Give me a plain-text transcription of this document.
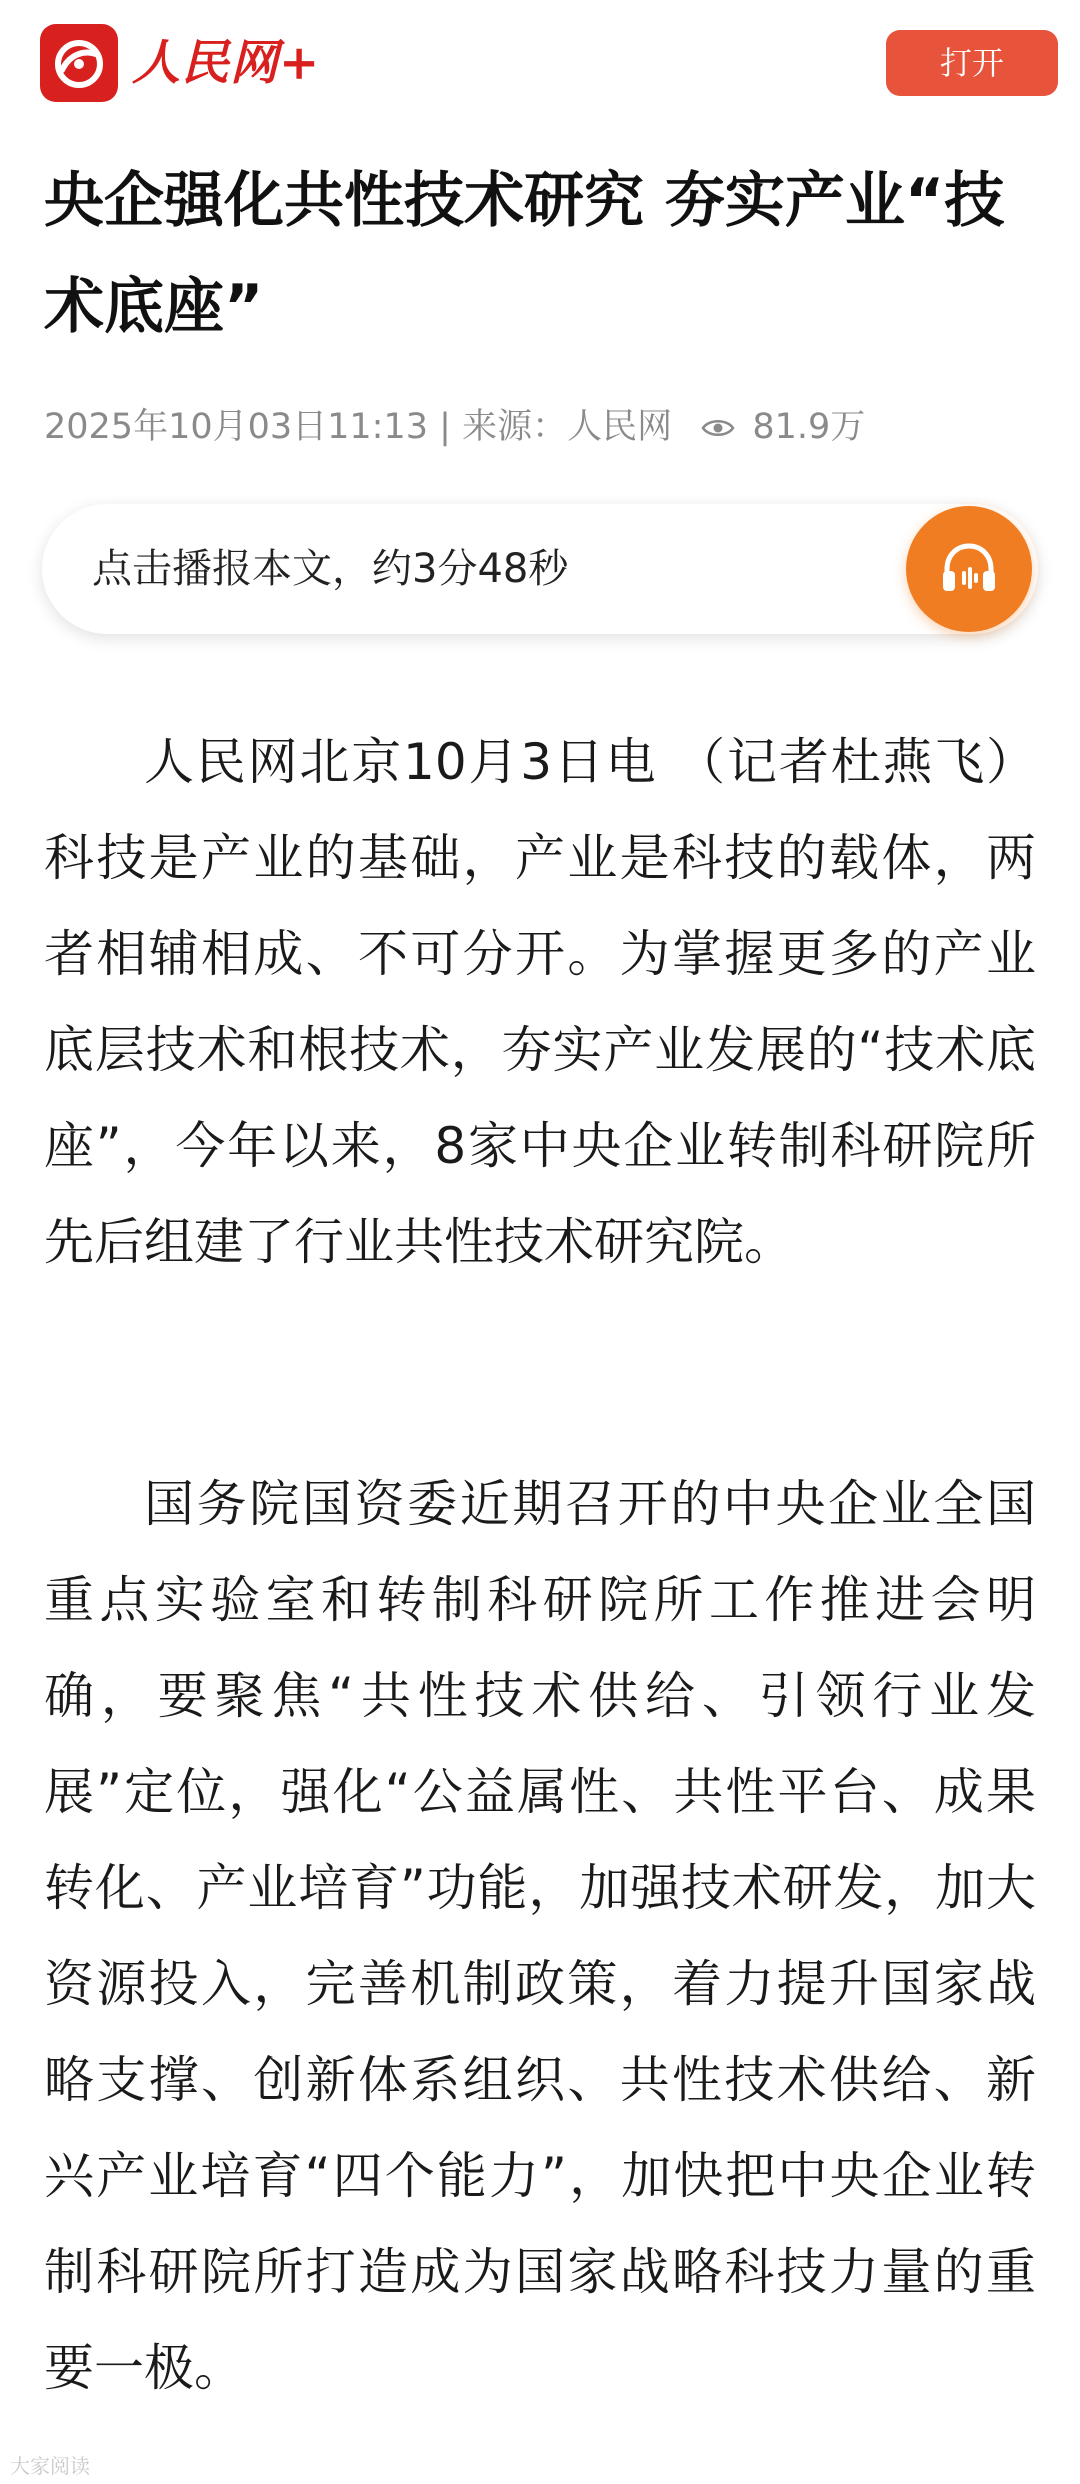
人民网+	打开
央企强化共性技术研究 夯实产业“技术底座”
2025年10月03日11:13 | 来源：人民网 81.9万
点击播报本文，约3分48秒

人民网北京10月3日电 （记者杜燕飞）科技是产业的基础，产业是科技的载体，两者相辅相成、不可分开。为掌握更多的产业底层技术和根技术，夯实产业发展的“技术底座”，今年以来，8家中央企业转制科研院所先后组建了行业共性技术研究院。

国务院国资委近期召开的中央企业全国重点实验室和转制科研院所工作推进会明确，要聚焦“共性技术供给、引领行业发展”定位，强化“公益属性、共性平台、成果转化、产业培育”功能，加强技术研发，加大资源投入，完善机制政策，着力提升国家战略支撑、创新体系组织、共性技术供给、新兴产业培育“四个能力”，加快把中央企业转制科研院所打造成为国家战略科技力量的重要一极。

大家阅读
